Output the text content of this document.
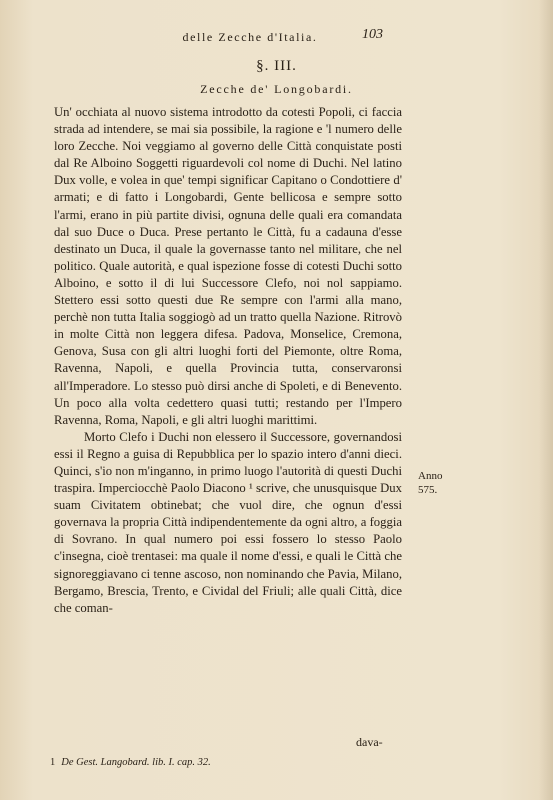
delle Zecche d'Italia.	103
§. III.
Zecche de' Longobardi.

Un' occhiata al nuovo sistema introdotto da cotesti Popoli, ci faccia strada ad intendere, se mai sia possibile, la ragione e 'l numero delle loro Zecche. Noi veggiamo al governo delle Città conquistate posti dal Re Alboino Soggetti riguardevoli col nome di Duchi. Nel latino Dux volle, e volea in que' tempi significar Capitano o Condottiere d' armati; e di fatto i Longobardi, Gente bellicosa e sempre sotto l'armi, erano in più partite divisi, ognuna delle quali era comandata dal suo Duce o Duca. Prese pertanto le Città, fu a cadauna d'esse destinato un Duca, il quale la governasse tanto nel militare, che nel politico. Quale autorità, e qual ispezione fosse di cotesti Duchi sotto Alboino, e sotto il di lui Successore Clefo, noi nol sappiamo. Stettero essi sotto questi due Re sempre con l'armi alla mano, perchè non tutta Italia soggiogò ad un tratto quella Nazione. Ritrovò in molte Città non leggera difesa. Padova, Monselice, Cremona, Genova, Susa con gli altri luoghi forti del Piemonte, oltre Roma, Ravenna, Napoli, e quella Provincia tutta, conservaronsi all'Imperadore. Lo stesso può dirsi anche di Spoleti, e di Benevento. Un poco alla volta cedettero quasi tutti; restando per l'Impero Ravenna, Roma, Napoli, e gli altri luoghi marittimi.

Morto Clefo i Duchi non elessero il Successore, governandosi essi il Regno a guisa di Repubblica per lo spazio intero d'anni dieci. Quinci, s'io non m'inganno, in primo luogo l'autorità di questi Duchi traspira. Imperciocchè Paolo Diacono ¹ scrive, che unusquisque Dux suam Civitatem obtinebat; che vuol dire, che ognun d'essi governava la propria Città indipendentemente da ogni altro, a foggia di Sovrano. In qual numero poi essi fossero lo stesso Paolo c'insegna, cioè trentasei: ma quale il nome d'essi, e quali le Città che signoreggiavano ci tenne ascoso, non nominando che Pavia, Milano, Bergamo, Brescia, Trento, e Cividal del Friuli; alle quali Città, dice che coman-

dava-
Anno
575.
1 De Gest. Langobard. lib. I. cap. 32.
